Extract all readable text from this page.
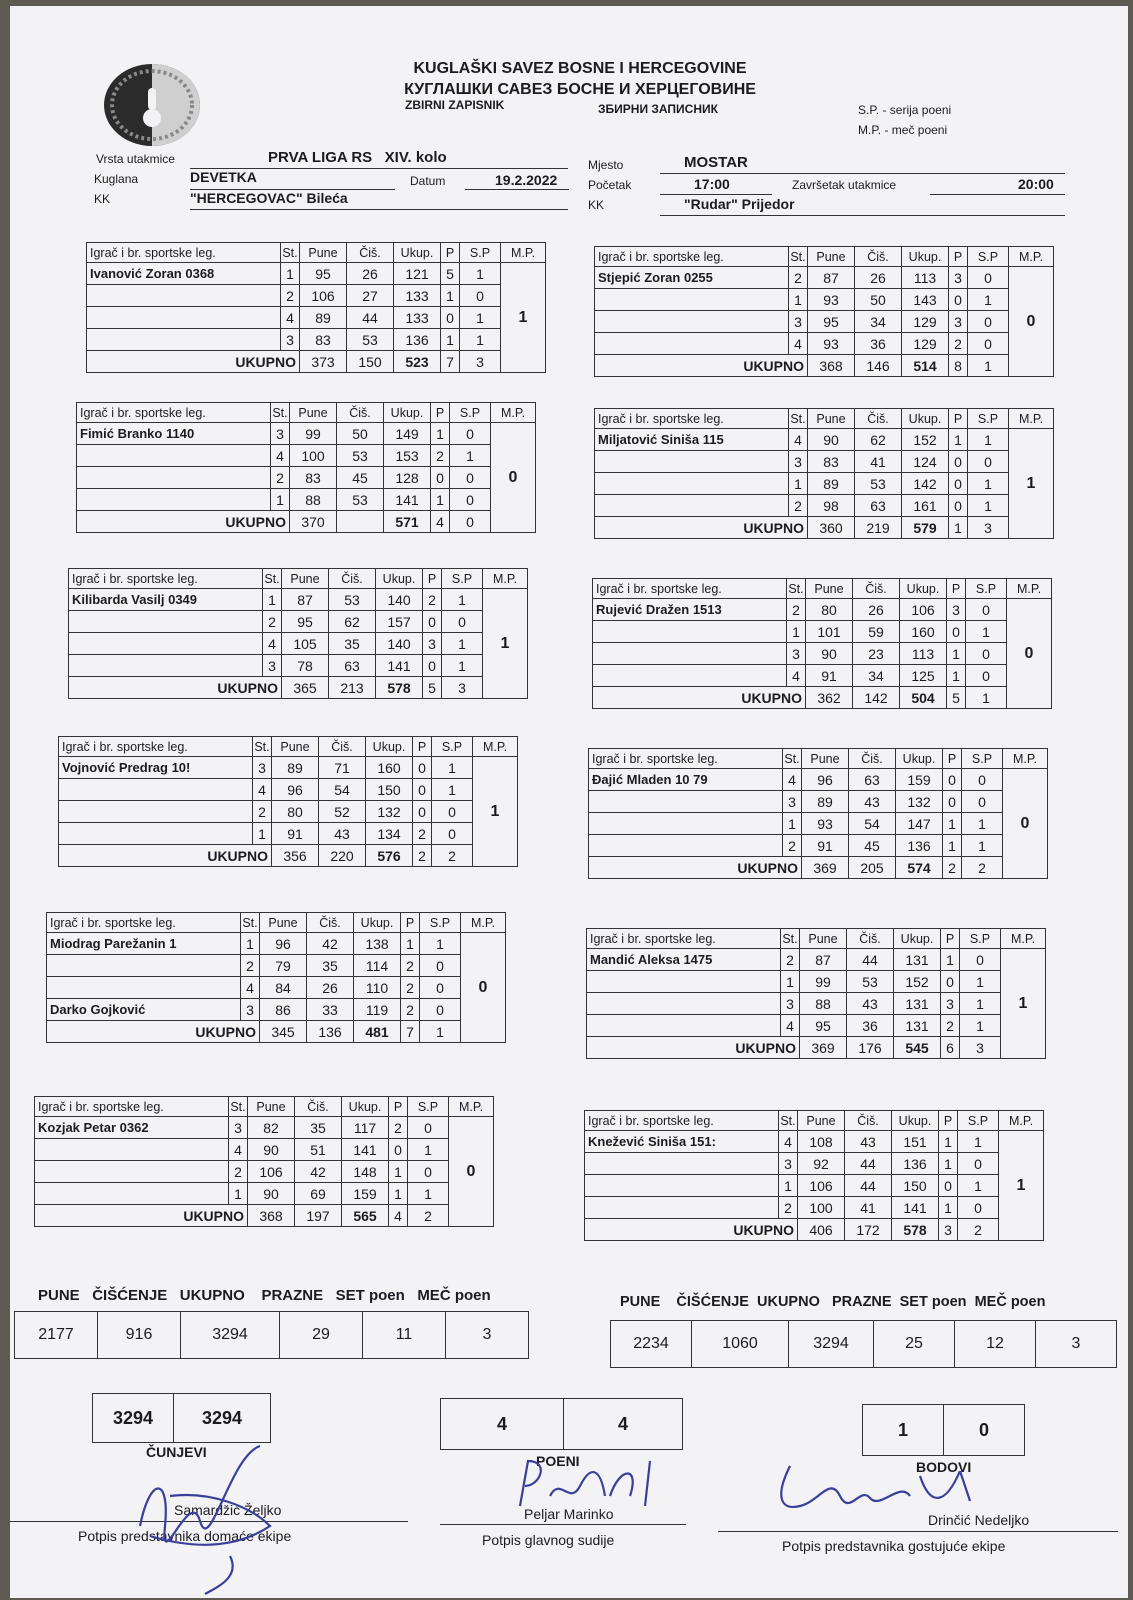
KUGLAŠKI SAVEZ BOSNE I HERCEGOVINE
КУГЛАШКИ САВЕЗ БОСНЕ И ХЕРЦЕГОВИНЕ
ZBIRNI ZAPISNIK	ЗБИРНИ ЗАПИСНИК	S.P. - serija poeni
M.P. - meč poeni
Vrsta utakmice	PRVA LIGA RS   XIV. kolo
Kuglana	DEVETKA	Datum	19.2.2022
KK	"HERCEGOVAC" Bileća
Mjesto	MOSTAR
Početak	17:00	Završetak utakmice	20:00
KK	"Rudar" Prijedor
Igrač i br. sportske leg.	St.	Pune	Čiš.	Ukup.	P	S.P	M.P.
Ivanović Zoran 0368	1	95	26	121	5	1	1
	2	106	27	133	1	0	
	4	89	44	133	0	1	
	3	83	53	136	1	1	
UKUPNO		373	150	523	7	3	
Igrač i br. sportske leg.	St.	Pune	Čiš.	Ukup.	P	S.P	M.P.
Fimić Branko 1140	3	99	50	149	1	0	0
	4	100	53	153	2	1	
	2	83	45	128	0	0	
	1	88	53	141	1	0	
UKUPNO		370		571	4	0	
Igrač i br. sportske leg.	St.	Pune	Čiš.	Ukup.	P	S.P	M.P.
Kilibarda Vasilj 0349	1	87	53	140	2	1	1
	2	95	62	157	0	0	
	4	105	35	140	3	1	
	3	78	63	141	0	1	
UKUPNO		365	213	578	5	3	
Igrač i br. sportske leg.	St.	Pune	Čiš.	Ukup.	P	S.P	M.P.
Vojnović Predrag 10!	3	89	71	160	0	1	1
	4	96	54	150	0	1	
	2	80	52	132	0	0	
	1	91	43	134	2	0	
UKUPNO		356	220	576	2	2	
Igrač i br. sportske leg.	St.	Pune	Čiš.	Ukup.	P	S.P	M.P.
Miodrag Parežanin 1	1	96	42	138	1	1	0
	2	79	35	114	2	0	
	4	84	26	110	2	0	
Darko Gojković	3	86	33	119	2	0	
UKUPNO		345	136	481	7	1	
Igrač i br. sportske leg.	St.	Pune	Čiš.	Ukup.	P	S.P	M.P.
Kozjak Petar 0362	3	82	35	117	2	0	0
	4	90	51	141	0	1	
	2	106	42	148	1	0	
	1	90	69	159	1	1	
UKUPNO		368	197	565	4	2	
Igrač i br. sportske leg.	St.	Pune	Čiš.	Ukup.	P	S.P	M.P.
Stjepić Zoran 0255	2	87	26	113	3	0	0
	1	93	50	143	0	1	
	3	95	34	129	3	0	
	4	93	36	129	2	0	
UKUPNO		368	146	514	8	1	
Igrač i br. sportske leg.	St.	Pune	Čiš.	Ukup.	P	S.P	M.P.
Miljatović Siniša 115	4	90	62	152	1	1	1
	3	83	41	124	0	0	
	1	89	53	142	0	1	
	2	98	63	161	0	1	
UKUPNO		360	219	579	1	3	
Igrač i br. sportske leg.	St.	Pune	Čiš.	Ukup.	P	S.P	M.P.
Rujević Dražen 1513	2	80	26	106	3	0	0
	1	101	59	160	0	1	
	3	90	23	113	1	0	
	4	91	34	125	1	0	
UKUPNO		362	142	504	5	1	
Igrač i br. sportske leg.	St.	Pune	Čiš.	Ukup.	P	S.P	M.P.
Đajić Mladen 10 79	4	96	63	159	0	0	0
	3	89	43	132	0	0	
	1	93	54	147	1	1	
	2	91	45	136	1	1	
UKUPNO		369	205	574	2	2	
Igrač i br. sportske leg.	St.	Pune	Čiš.	Ukup.	P	S.P	M.P.
Mandić Aleksa 1475	2	87	44	131	1	0	1
	1	99	53	152	0	1	
	3	88	43	131	3	1	
	4	95	36	131	2	1	
UKUPNO		369	176	545	6	3	
Igrač i br. sportske leg.	St.	Pune	Čiš.	Ukup.	P	S.P	M.P.
Knežević Siniša 151:	4	108	43	151	1	1	1
	3	92	44	136	1	0	
	1	106	44	150	0	1	
	2	100	41	141	1	0	
UKUPNO		406	172	578	3	2	
PUNE ČIŠĆENJE UKUPNO PRAZNE SET poen MEČ poen
2177	916	3294	29	11	3
PUNE ČIŠĆENJE UKUPNO PRAZNE SET poen MEČ poen
2234	1060	3294	25	12	3
3294	3294
ČUNJEVI
4	4
POENI
1	0
BODOVI
Samardžić Željko
Potpis predstavnika domaće ekipe
Peljar Marinko
Potpis glavnog sudije
Drinčić Nedeljko
Potpis predstavnika gostujuće ekipe
